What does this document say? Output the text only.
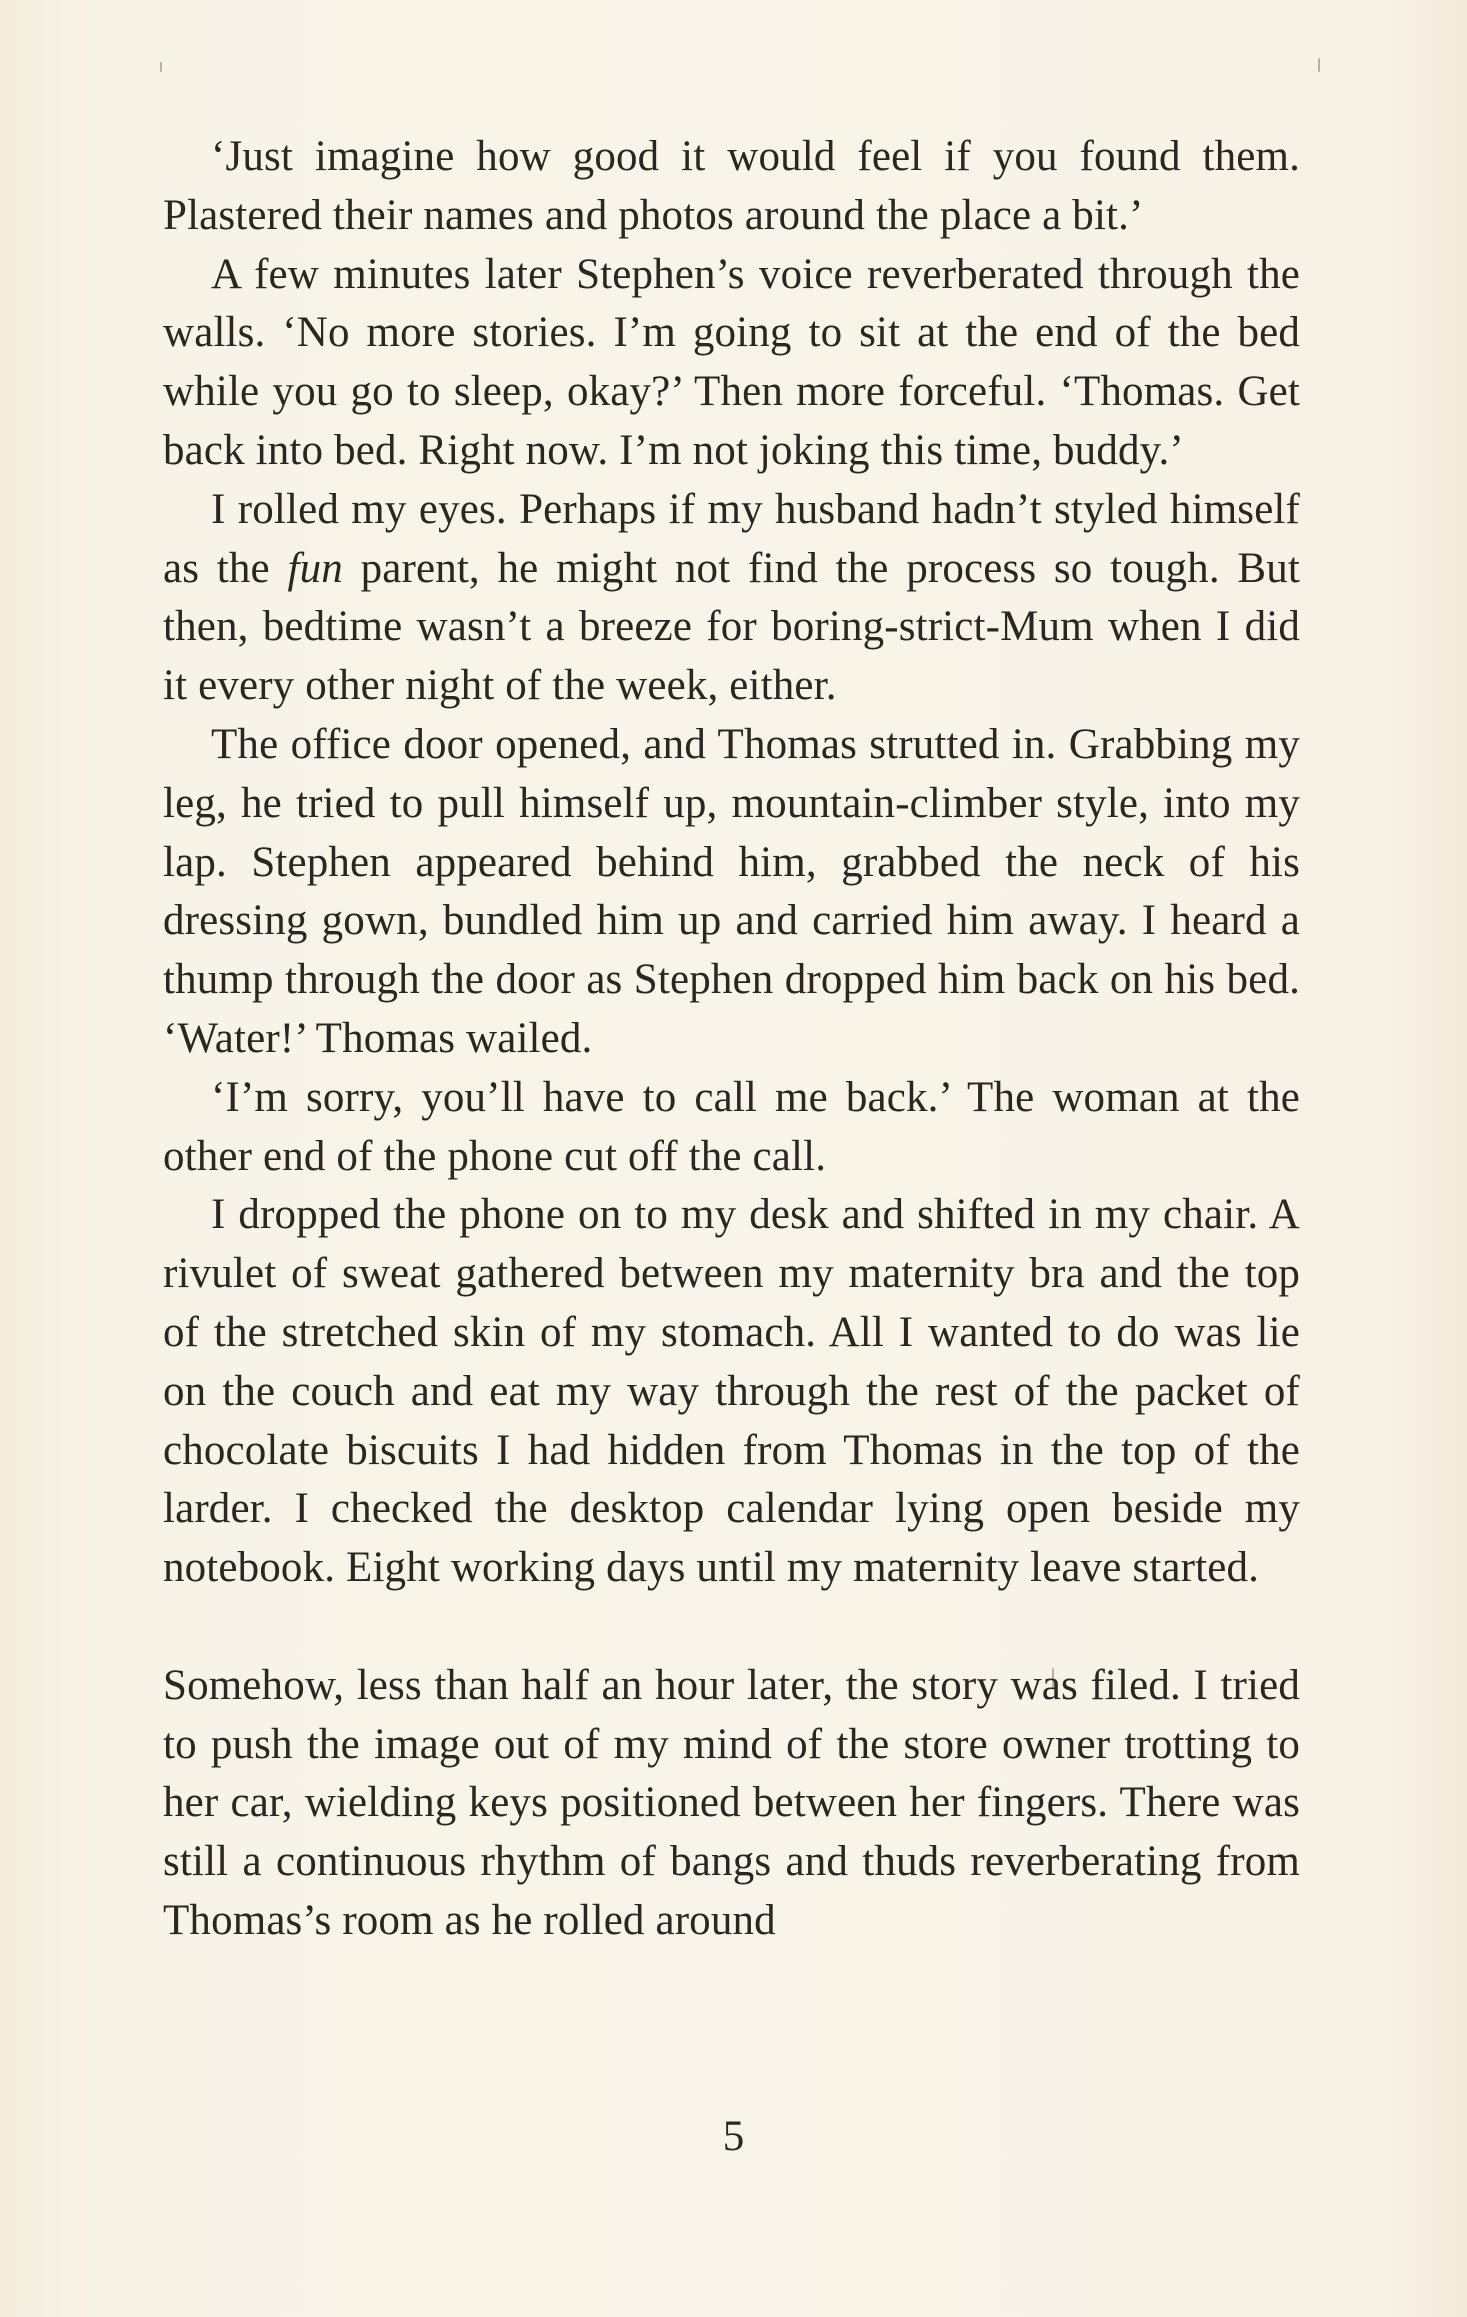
‘Just imagine how good it would feel if you found them. Plastered their names and photos around the place a bit.’

A few minutes later Stephen’s voice reverberated through the walls. ‘No more stories. I’m going to sit at the end of the bed while you go to sleep, okay?’ Then more forceful. ‘Thomas. Get back into bed. Right now. I’m not joking this time, buddy.’

I rolled my eyes. Perhaps if my husband hadn’t styled himself as the fun parent, he might not find the process so tough. But then, bedtime wasn’t a breeze for boring-strict-Mum when I did it every other night of the week, either.

The office door opened, and Thomas strutted in. Grabbing my leg, he tried to pull himself up, mountain-climber style, into my lap. Stephen appeared behind him, grabbed the neck of his dressing gown, bundled him up and carried him away. I heard a thump through the door as Stephen dropped him back on his bed. ‘Water!’ Thomas wailed.

‘I’m sorry, you’ll have to call me back.’ The woman at the other end of the phone cut off the call.

I dropped the phone on to my desk and shifted in my chair. A rivulet of sweat gathered between my maternity bra and the top of the stretched skin of my stomach. All I wanted to do was lie on the couch and eat my way through the rest of the packet of chocolate biscuits I had hidden from Thomas in the top of the larder. I checked the desktop calendar lying open beside my notebook. Eight working days until my maternity leave started.

Somehow, less than half an hour later, the story was filed. I tried to push the image out of my mind of the store owner trotting to her car, wielding keys positioned between her fingers. There was still a continuous rhythm of bangs and thuds reverberating from Thomas’s room as he rolled around

5
